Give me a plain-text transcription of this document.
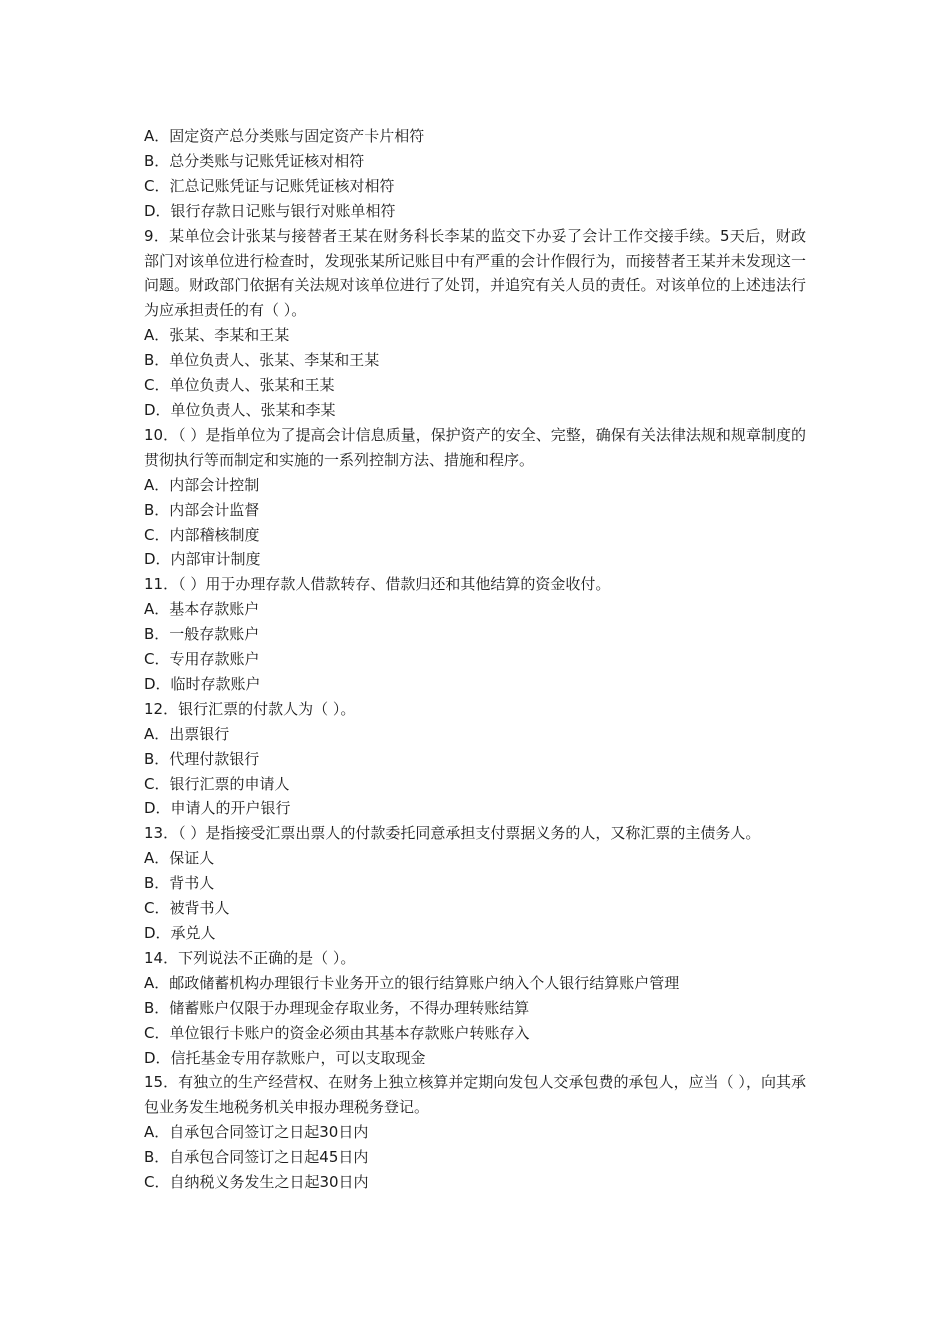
A．固定资产总分类账与固定资产卡片相符

B．总分类账与记账凭证核对相符

C．汇总记账凭证与记账凭证核对相符

D．银行存款日记账与银行对账单相符

9．某单位会计张某与接替者王某在财务科长李某的监交下办妥了会计工作交接手续。5天后，财政部门对该单位进行检查时，发现张某所记账目中有严重的会计作假行为，而接替者王某并未发现这一问题。财政部门依据有关法规对该单位进行了处罚，并追究有关人员的责任。对该单位的上述违法行为应承担责任的有（ ）。

A．张某、李某和王某

B．单位负责人、张某、李某和王某

C．单位负责人、张某和王某

D．单位负责人、张某和李某

10．（ ）是指单位为了提高会计信息质量，保护资产的安全、完整，确保有关法律法规和规章制度的贯彻执行等而制定和实施的一系列控制方法、措施和程序。

A．内部会计控制

B．内部会计监督

C．内部稽核制度

D．内部审计制度

11．（ ）用于办理存款人借款转存、借款归还和其他结算的资金收付。

A．基本存款账户

B．一般存款账户

C．专用存款账户

D．临时存款账户

12．银行汇票的付款人为（ ）。

A．出票银行

B．代理付款银行

C．银行汇票的申请人

D．申请人的开户银行

13．（ ）是指接受汇票出票人的付款委托同意承担支付票据义务的人，又称汇票的主债务人。

A．保证人

B．背书人

C．被背书人

D．承兑人

14．下列说法不正确的是（ ）。

A．邮政储蓄机构办理银行卡业务开立的银行结算账户纳入个人银行结算账户管理

B．储蓄账户仅限于办理现金存取业务，不得办理转账结算

C．单位银行卡账户的资金必须由其基本存款账户转账存入

D．信托基金专用存款账户，可以支取现金

15．有独立的生产经营权、在财务上独立核算并定期向发包人交承包费的承包人，应当（ ），向其承包业务发生地税务机关申报办理税务登记。

A．自承包合同签订之日起30日内

B．自承包合同签订之日起45日内

C．自纳税义务发生之日起30日内
